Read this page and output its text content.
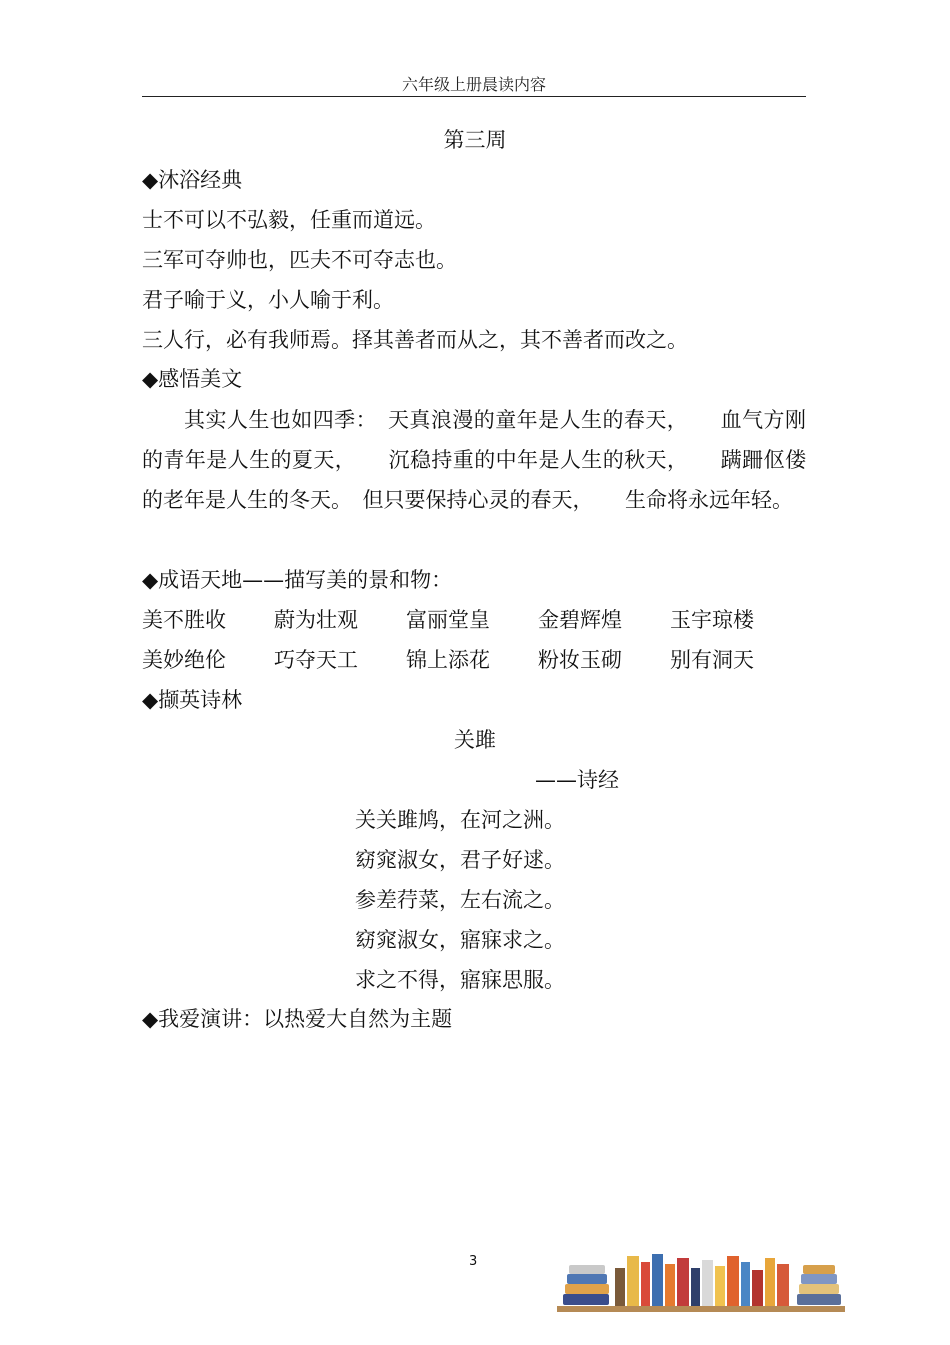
六年级上册晨读内容
第三周
◆沐浴经典
士不可以不弘毅，任重而道远。
三军可夺帅也，匹夫不可夺志也。
君子喻于义，小人喻于利。
三人行，必有我师焉。择其善者而从之，其不善者而改之。
◆感悟美文
其实人生也如四季：　天真浪漫的童年是人生的春天，　　血气方刚的青年是人生的夏天，　　沉稳持重的中年是人生的秋天，　　蹒跚伛偻的老年是人生的冬天。　但只要保持心灵的春天，　　生命将永远年轻。
◆成语天地——描写美的景和物：
美不胜收 蔚为壮观 富丽堂皇 金碧辉煌 玉宇琼楼
美妙绝伦 巧夺天工 锦上添花 粉妆玉砌 别有洞天
◆撷英诗林
关雎
——诗经
关关雎鸠，在河之洲。
窈窕淑女，君子好逑。
参差荇菜，左右流之。
窈窕淑女，寤寐求之。
求之不得，寤寐思服。
◆我爱演讲：以热爱大自然为主题
3
